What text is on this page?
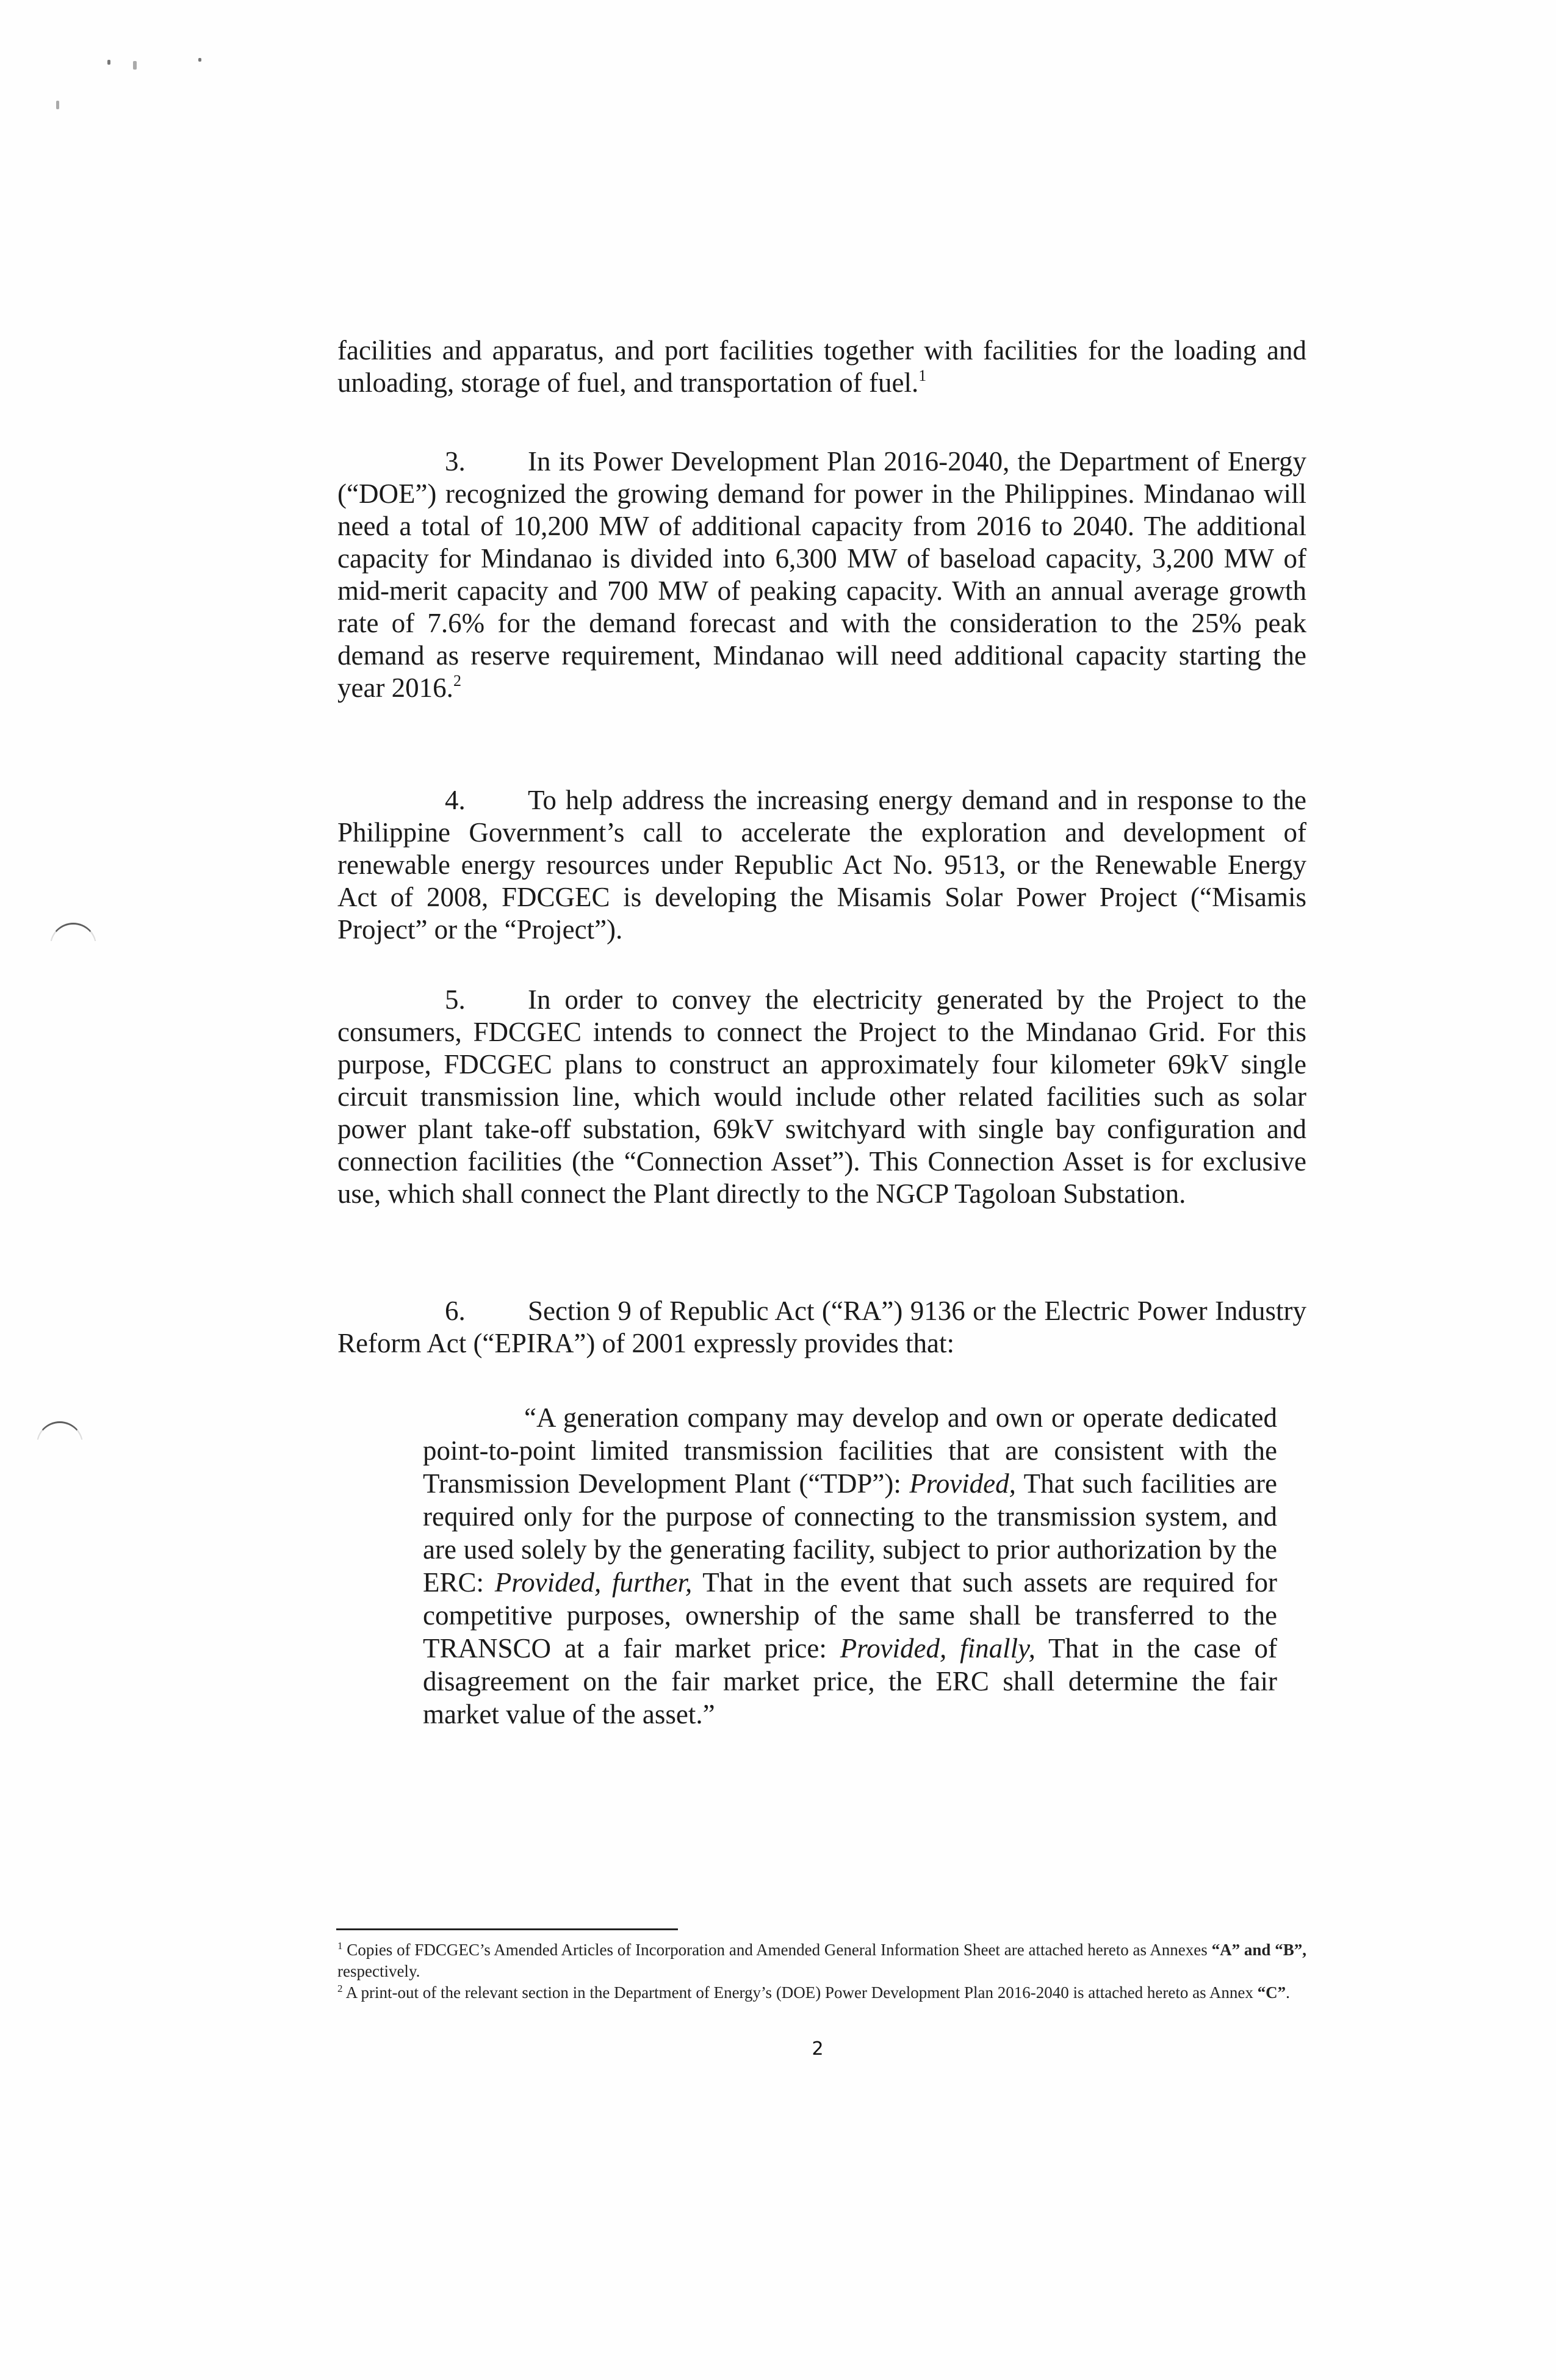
facilities and apparatus, and port facilities together with facilities for the loading and unloading, storage of fuel, and transportation of fuel.$^1$

3. In its Power Development Plan 2016-2040, the Department of Energy (“DOE”) recognized the growing demand for power in the Philippines. Mindanao will need a total of 10,200 MW of additional capacity from 2016 to 2040. The additional capacity for Mindanao is divided into 6,300 MW of baseload capacity, 3,200 MW of mid-merit capacity and 700 MW of peaking capacity. With an annual average growth rate of 7.6% for the demand forecast and with the consideration to the 25% peak demand as reserve requirement, Mindanao will need additional capacity starting the year 2016.$^2$

4. To help address the increasing energy demand and in response to the Philippine Government’s call to accelerate the exploration and development of renewable energy resources under Republic Act No. 9513, or the Renewable Energy Act of 2008, FDCGEC is developing the Misamis Solar Power Project (“Misamis Project” or the “Project”).

5. In order to convey the electricity generated by the Project to the consumers, FDCGEC intends to connect the Project to the Mindanao Grid. For this purpose, FDCGEC plans to construct an approximately four kilometer 69kV single circuit transmission line, which would include other related facilities such as solar power plant take-off substation, 69kV switchyard with single bay configuration and connection facilities (the “Connection Asset”). This Connection Asset is for exclusive use, which shall connect the Plant directly to the NGCP Tagoloan Substation.

6. Section 9 of Republic Act (“RA”) 9136 or the Electric Power Industry Reform Act (“EPIRA”) of 2001 expressly provides that:

“A generation company may develop and own or operate dedicated point-to-point limited transmission facilities that are consistent with the Transmission Development Plant (“TDP”): Provided, That such facilities are required only for the purpose of connecting to the transmission system, and are used solely by the generating facility, subject to prior authorization by the ERC: Provided, further, That in the event that such assets are required for competitive purposes, ownership of the same shall be transferred to the TRANSCO at a fair market price: Provided, finally, That in the case of disagreement on the fair market price, the ERC shall determine the fair market value of the asset.”

$^1$ Copies of FDCGEC’s Amended Articles of Incorporation and Amended General Information Sheet are attached hereto as Annexes “A” and “B”, respectively.

$^2$ A print-out of the relevant section in the Department of Energy’s (DOE) Power Development Plan 2016-2040 is attached hereto as Annex “C”.

2
